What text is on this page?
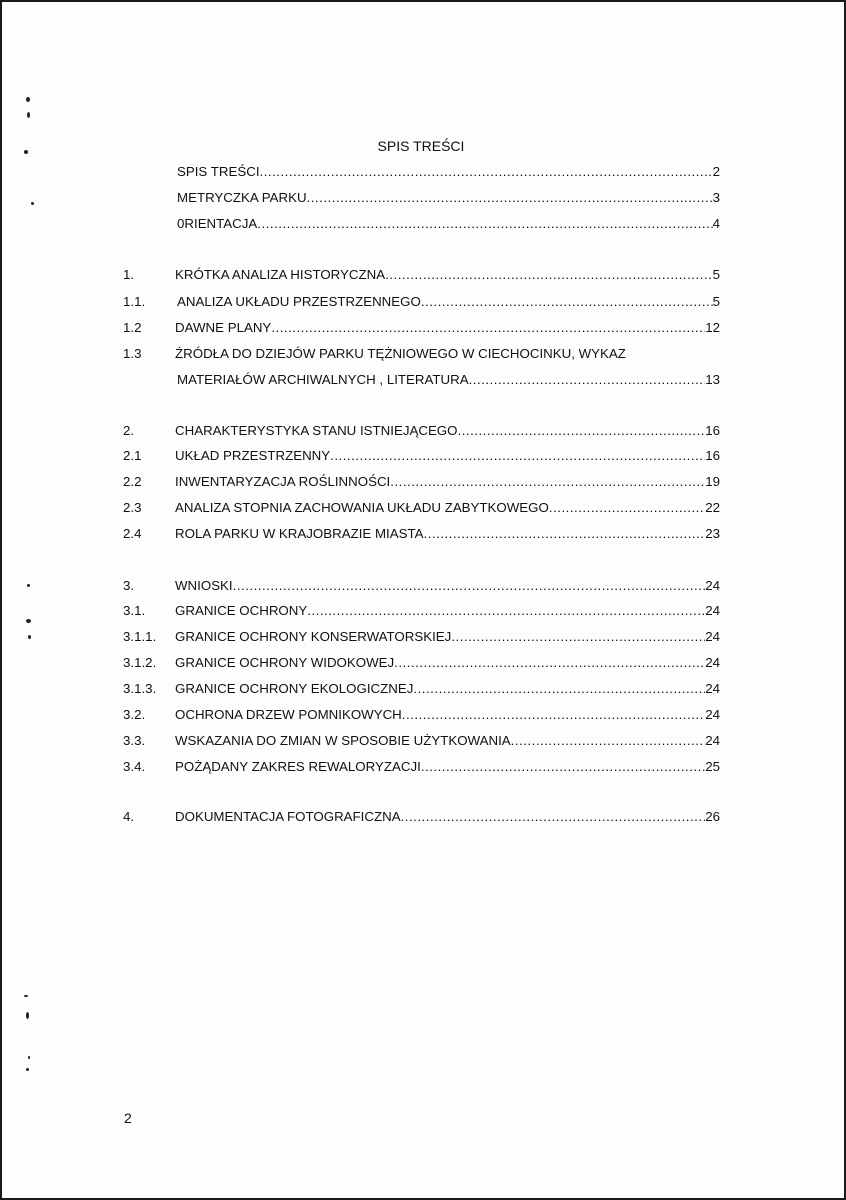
SPIS TREŚCI
SPIS TREŚCI .....	2
METRYCZKA PARKU .....	3
0RIENTACJA .....	4
1.	KRÓTKA ANALIZA HISTORYCZNA .....	5
1.1. ANALIZA UKŁADU PRZESTRZENNEGO .....	5
1.2	DAWNE PLANY .....	12
1.3	ŹRÓDŁA DO DZIEJÓW PARKU TĘŻNIOWEGO W CIECHOCINKU, WYKAZ
MATERIAŁÓW ARCHIWALNYCH , LITERATURA .....	13
2.	CHARAKTERYSTYKA STANU ISTNIEJĄCEGO .....	16
2.1	UKŁAD PRZESTRZENNY .....	16
2.2	INWENTARYZACJA ROŚLINNOŚCI .....	19
2.3	ANALIZA STOPNIA ZACHOWANIA UKŁADU ZABYTKOWEGO .....	22
2.4	ROLA PARKU W KRAJOBRAZIE MIASTA .....	23
3.	WNIOSKI .....	24
3.1. GRANICE OCHRONY .....	24
3.1.1. GRANICE OCHRONY KONSERWATORSKIEJ .....	24
3.1.2. GRANICE OCHRONY WIDOKOWEJ .....	24
3.1.3. GRANICE OCHRONY EKOLOGICZNEJ .....	24
3.2. OCHRONA DRZEW POMNIKOWYCH .....	24
3.3. WSKAZANIA DO ZMIAN W SPOSOBIE UŻYTKOWANIA .....	24
3.4. POŻĄDANY ZAKRES REWALORYZACJI .....	25
4.	DOKUMENTACJA FOTOGRAFICZNA .....	26
2
